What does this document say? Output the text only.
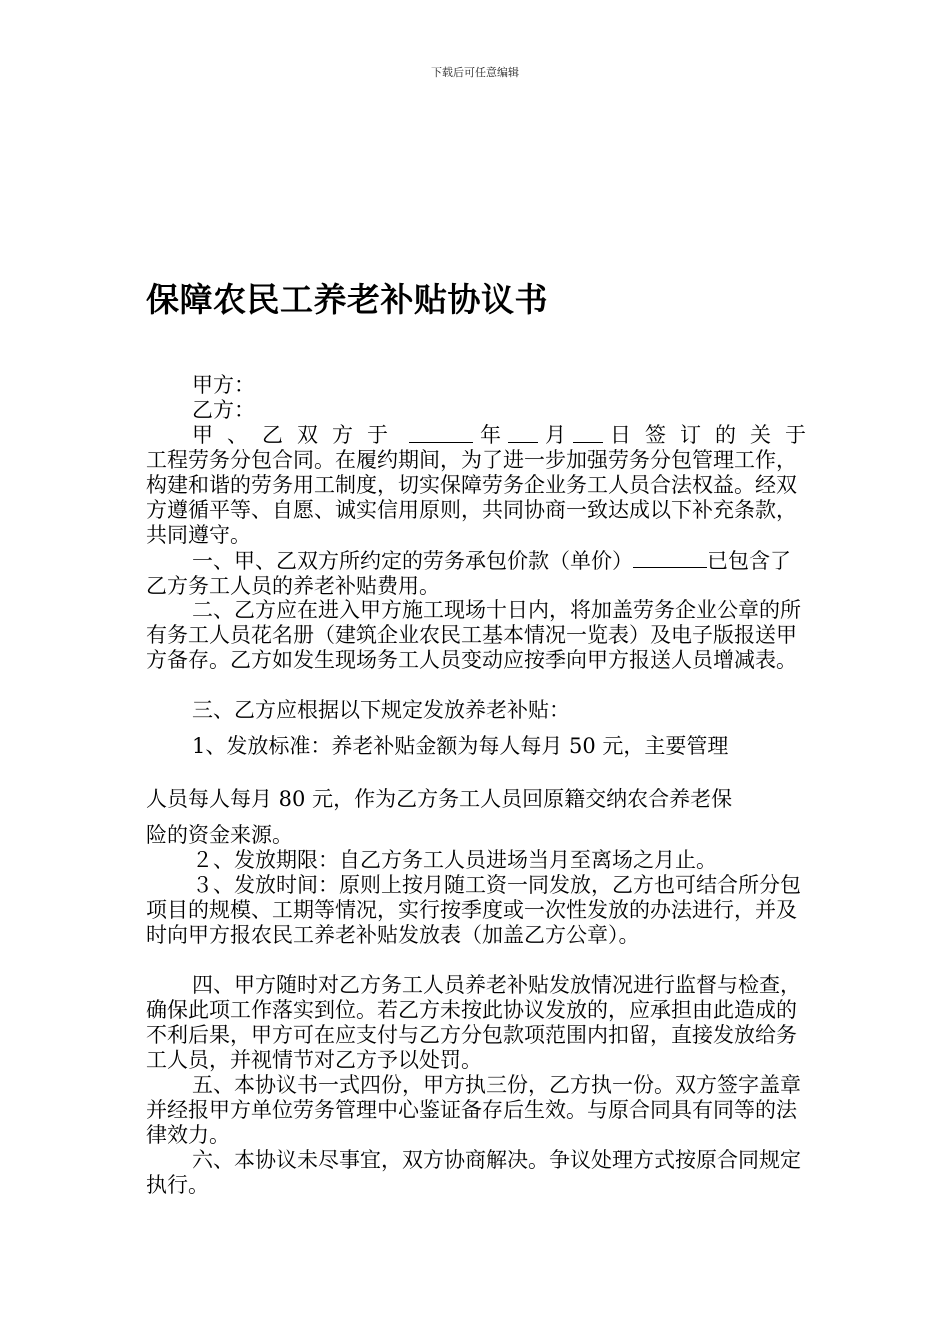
下载后可任意编辑
保障农民工养老补贴协议书

甲方：

乙方：

甲、乙双方于	年 月 日签订的关于
工程劳务分包合同。在履约期间，为了进一步加强劳务分包管理工作，构建和谐的劳务用工制度，切实保障劳务企业务工人员合法权益。经双方遵循平等、自愿、诚实信用原则，共同协商一致达成以下补充条款，共同遵守。
一、甲、乙双方所约定的劳务承包价款（单价）	已包含了乙方务工人员的养老补贴费用。

二、乙方应在进入甲方施工现场十日内，将加盖劳务企业公章的所有务工人员花名册（建筑企业农民工基本情况一览表）及电子版报送甲方备存。乙方如发生现场务工人员变动应按季向甲方报送人员增减表。

三、乙方应根据以下规定发放养老补贴：

1、发放标准：养老补贴金额为每人每月 50 元，主要管理

人员每人每月 80 元，作为乙方务工人员回原籍交纳农合养老保

险的资金来源。

２、发放期限：自乙方务工人员进场当月至离场之月止。

３、发放时间：原则上按月随工资一同发放，乙方也可结合所分包项目的规模、工期等情况，实行按季度或一次性发放的办法进行，并及时向甲方报农民工养老补贴发放表（加盖乙方公章）。

四、甲方随时对乙方务工人员养老补贴发放情况进行监督与检查，确保此项工作落实到位。若乙方未按此协议发放的，应承担由此造成的不利后果，甲方可在应支付与乙方分包款项范围内扣留，直接发放给务工人员，并视情节对乙方予以处罚。

五、本协议书一式四份，甲方执三份，乙方执一份。双方签字盖章并经报甲方单位劳务管理中心鉴证备存后生效。与原合同具有同等的法律效力。

六、本协议未尽事宜，双方协商解决。争议处理方式按原合同规定执行。
